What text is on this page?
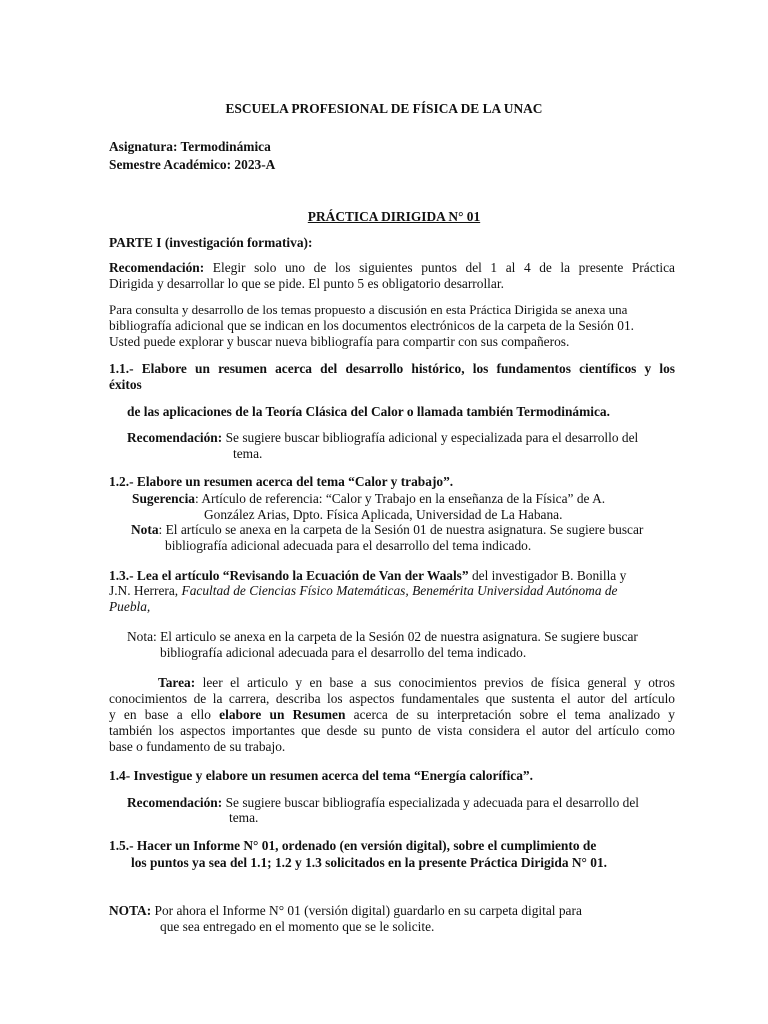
ESCUELA PROFESIONAL DE FÍSICA DE LA UNAC
Asignatura: Termodinámica
Semestre Académico: 2023-A
PRÁCTICA DIRIGIDA N° 01
PARTE I (investigación formativa):
Recomendación: Elegir solo uno de los siguientes puntos del 1 al 4 de la presente Práctica
Dirigida y desarrollar lo que se pide. El punto 5 es obligatorio desarrollar.
Para consulta y desarrollo de los temas propuesto a discusión en esta Práctica Dirigida se anexa una
bibliografía adicional que se indican en los documentos electrónicos de la carpeta de la Sesión 01.
Usted puede explorar y buscar nueva bibliografía para compartir con sus compañeros.
1.1.- Elabore un resumen acerca del desarrollo histórico, los fundamentos científicos y los
éxitos
de las aplicaciones de la Teoría Clásica del Calor o llamada también Termodinámica.
Recomendación: Se sugiere buscar bibliografía adicional y especializada para el desarrollo del
tema.
1.2.- Elabore un resumen acerca del tema “Calor y trabajo”.
Sugerencia: Artículo de referencia: “Calor y Trabajo en la enseñanza de la Física” de A.
González Arias, Dpto. Física Aplicada, Universidad de La Habana.
Nota: El artículo se anexa en la carpeta de la Sesión 01 de nuestra asignatura. Se sugiere buscar
bibliografía adicional adecuada para el desarrollo del tema indicado.
1.3.- Lea el artículo “Revisando la Ecuación de Van der Waals” del investigador B. Bonilla y
J.N. Herrera, Facultad de Ciencias Físico Matemáticas, Benemérita Universidad Autónoma de
Puebla,
Nota: El articulo se anexa en la carpeta de la Sesión 02 de nuestra asignatura. Se sugiere buscar
bibliografía adicional adecuada para el desarrollo del tema indicado.
Tarea: leer el articulo y en base a sus conocimientos previos de física general y otros
conocimientos de la carrera, describa los aspectos fundamentales que sustenta el autor del artículo
y en base a ello elabore un Resumen acerca de su interpretación sobre el tema analizado y
también los aspectos importantes que desde su punto de vista considera el autor del artículo como
base o fundamento de su trabajo.
1.4- Investigue y elabore un resumen acerca del tema “Energía calorífica”.
Recomendación: Se sugiere buscar bibliografía especializada y adecuada para el desarrollo del
tema.
1.5.- Hacer un Informe N° 01, ordenado (en versión digital), sobre el cumplimiento de
los puntos ya sea del 1.1; 1.2 y 1.3 solicitados en la presente Práctica Dirigida N° 01.
NOTA: Por ahora el Informe N° 01 (versión digital) guardarlo en su carpeta digital para
que sea entregado en el momento que se le solicite.
